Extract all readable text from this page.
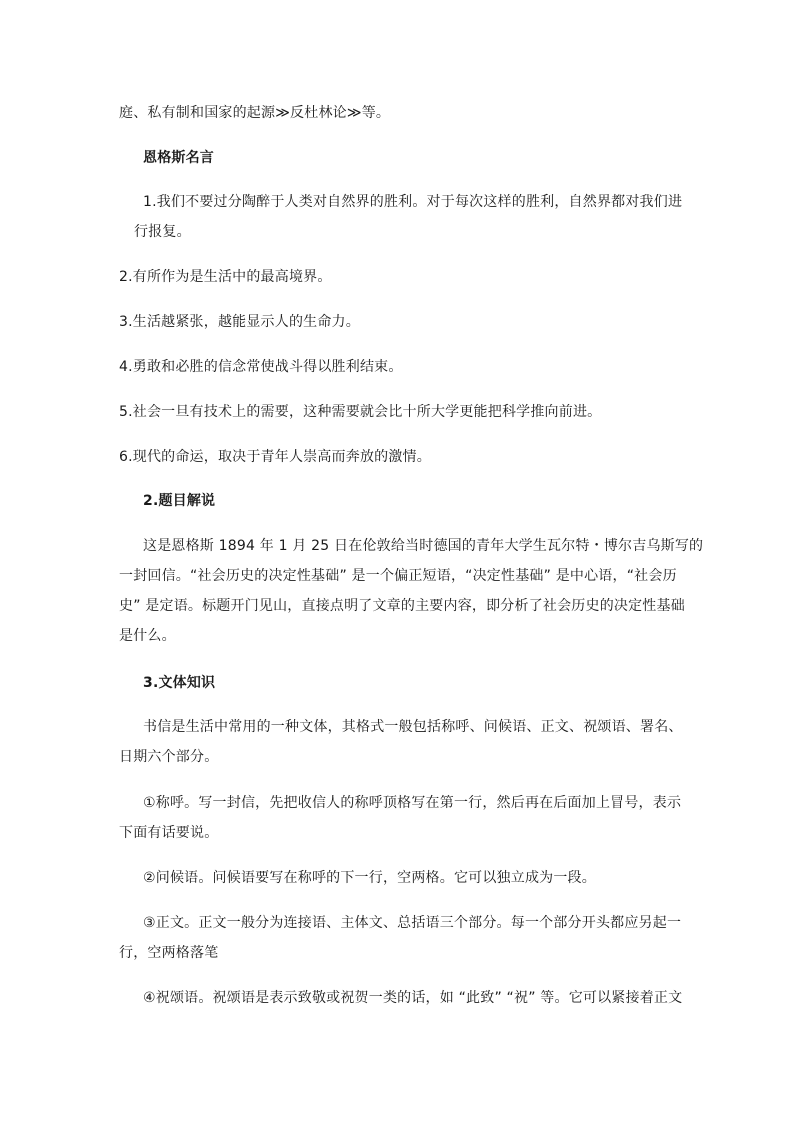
庭、私有制和国家的起源≫反杜林论≫等。
恩格斯名言
1.我们不要过分陶醉于人类对自然界的胜利。对于每次这样的胜利，自然界都对我们进
行报复。
2.有所作为是生活中的最高境界。
3.生活越紧张，越能显示人的生命力。
4.勇敢和必胜的信念常使战斗得以胜利结束。
5.社会一旦有技术上的需要，这种需要就会比十所大学更能把科学推向前进。
6.现代的命运，取决于青年人崇高而奔放的激情。
2.题目解说
这是恩格斯 1894 年 1 月 25 日在伦敦给当时德国的青年大学生瓦尔特・博尔吉乌斯写的
一封回信。“社会历史的决定性基础” 是一个偏正短语，“决定性基础” 是中心语，“社会历
史” 是定语。标题开门见山，直接点明了文章的主要内容，即分析了社会历史的决定性基础
是什么。
3.文体知识
书信是生活中常用的一种文体，其格式一般包括称呼、问候语、正文、祝颂语、署名、
日期六个部分。
①称呼。写一封信，先把收信人的称呼顶格写在第一行，然后再在后面加上冒号，表示
下面有话要说。
②问候语。问候语要写在称呼的下一行，空两格。它可以独立成为一段。
③正文。正文一般分为连接语、主体文、总括语三个部分。每一个部分开头都应另起一
行，空两格落笔
④祝颂语。祝颂语是表示致敬或祝贺一类的话，如 “此致” “祝” 等。它可以紧接着正文
